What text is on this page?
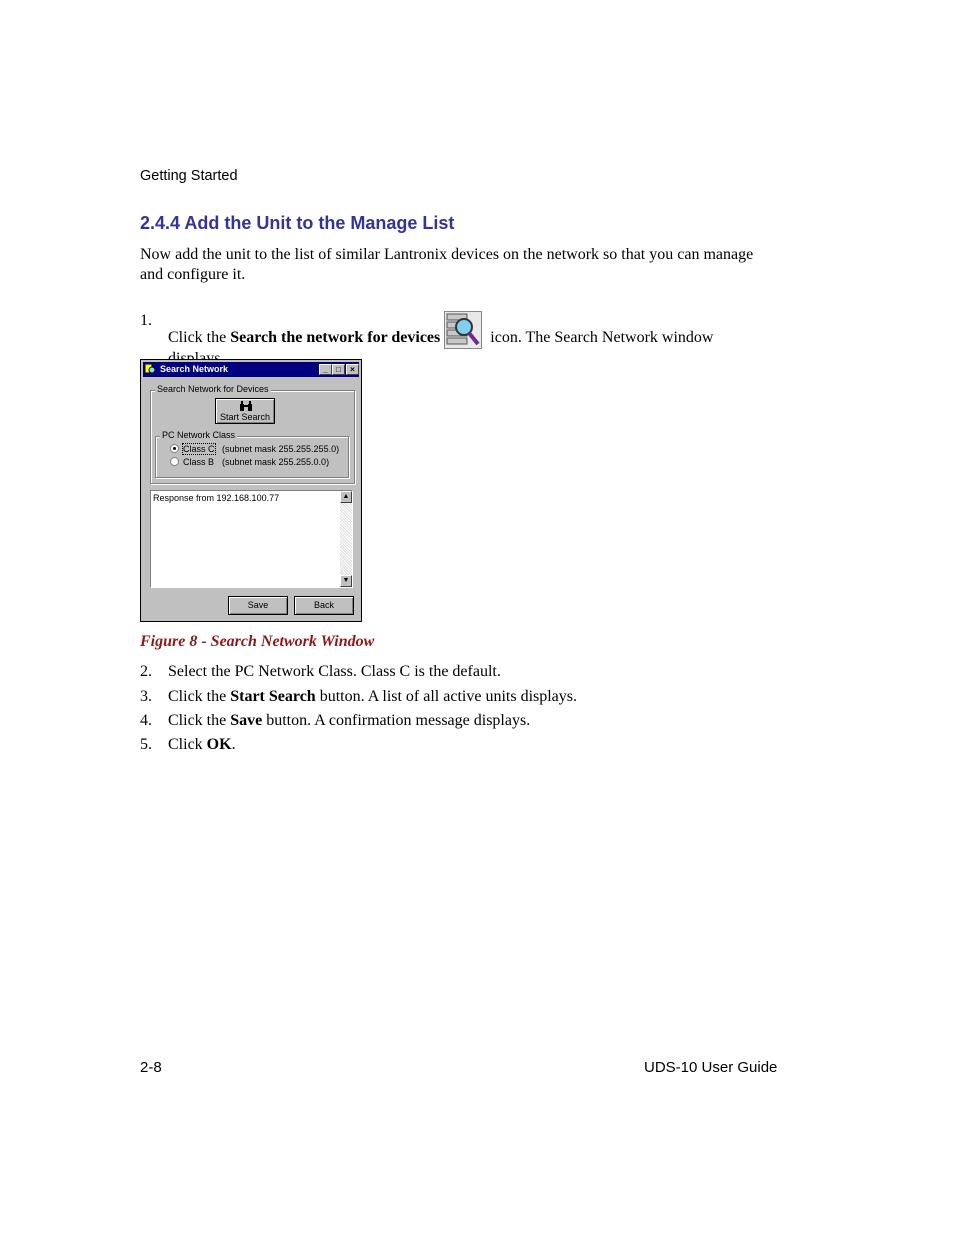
Getting Started
2.4.4 Add the Unit to the Manage List

Now add the unit to the list of similar Lantronix devices on the network so that you can manage and configure it.

1.
Click the Search the network for devices	icon. The Search Network window
Search Network	_	□	×
Search Network for Devices
Start Search
PC Network Class
Class C (subnet mask 255.255.255.0)
Class B (subnet mask 255.255.0.0)
Response from 192.168.100.77	▲
▼
Save	Back
Figure 8 - Search Network Window
2. Select the PC Network Class. Class C is the default.
3. Click the Start Search button. A list of all active units displays.
4. Click the Save button. A confirmation message displays.
5. Click OK.
2-8	UDS-10 User Guide
